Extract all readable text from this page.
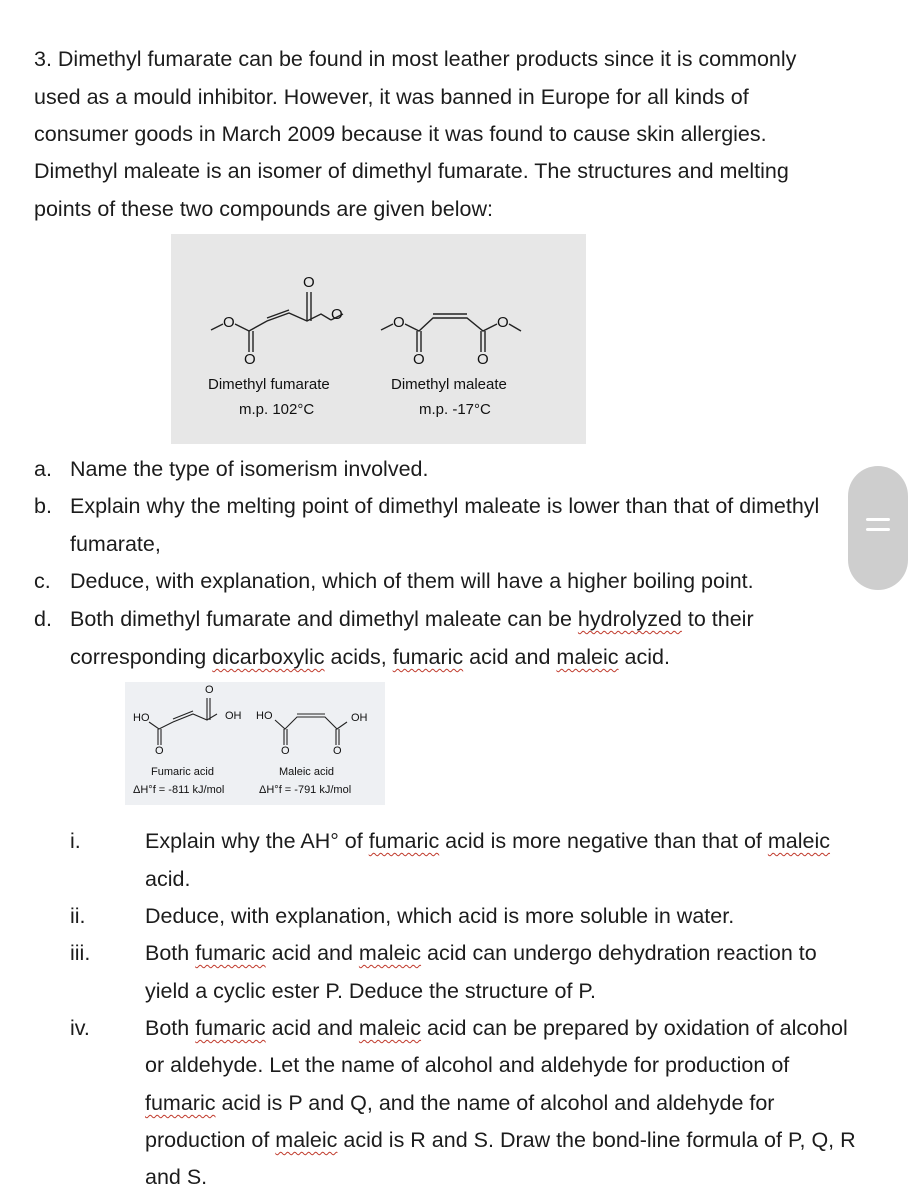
3. Dimethyl fumarate can be found in most leather products since it is commonly
used as a mould inhibitor. However, it was banned in Europe for all kinds of
consumer goods in March 2009 because it was found to cause skin allergies.
Dimethyl maleate is an isomer of dimethyl fumarate. The structures and melting
points of these two compounds are given below:
O
O
O
O	O
O	O
O
Dimethyl fumarate
m.p. 102°C
Dimethyl maleate
m.p. -17°C
a. Name the type of isomerism involved.
b. Explain why the melting point of dimethyl maleate is lower than that of dimethyl
fumarate,
c. Deduce, with explanation, which of them will have a higher boiling point.
d. Both dimethyl fumarate and dimethyl maleate can be hydrolyzed to their
corresponding dicarboxylic acids, fumaric acid and maleic acid.
HO	OH
O
O
HO	OH
O	O
Fumaric acid	Maleic acid
ΔH°f = -811 kJ/mol	ΔH°f = -791 kJ/mol
i.	Explain why the AH° of fumaric acid is more negative than that of maleic
acid.
ii.	Deduce, with explanation, which acid is more soluble in water.
iii.	Both fumaric acid and maleic acid can undergo dehydration reaction to
yield a cyclic ester P. Deduce the structure of P.
iv.	Both fumaric acid and maleic acid can be prepared by oxidation of alcohol
or aldehyde. Let the name of alcohol and aldehyde for production of
fumaric acid is P and Q, and the name of alcohol and aldehyde for
production of maleic acid is R and S. Draw the bond-line formula of P, Q, R
and S.
